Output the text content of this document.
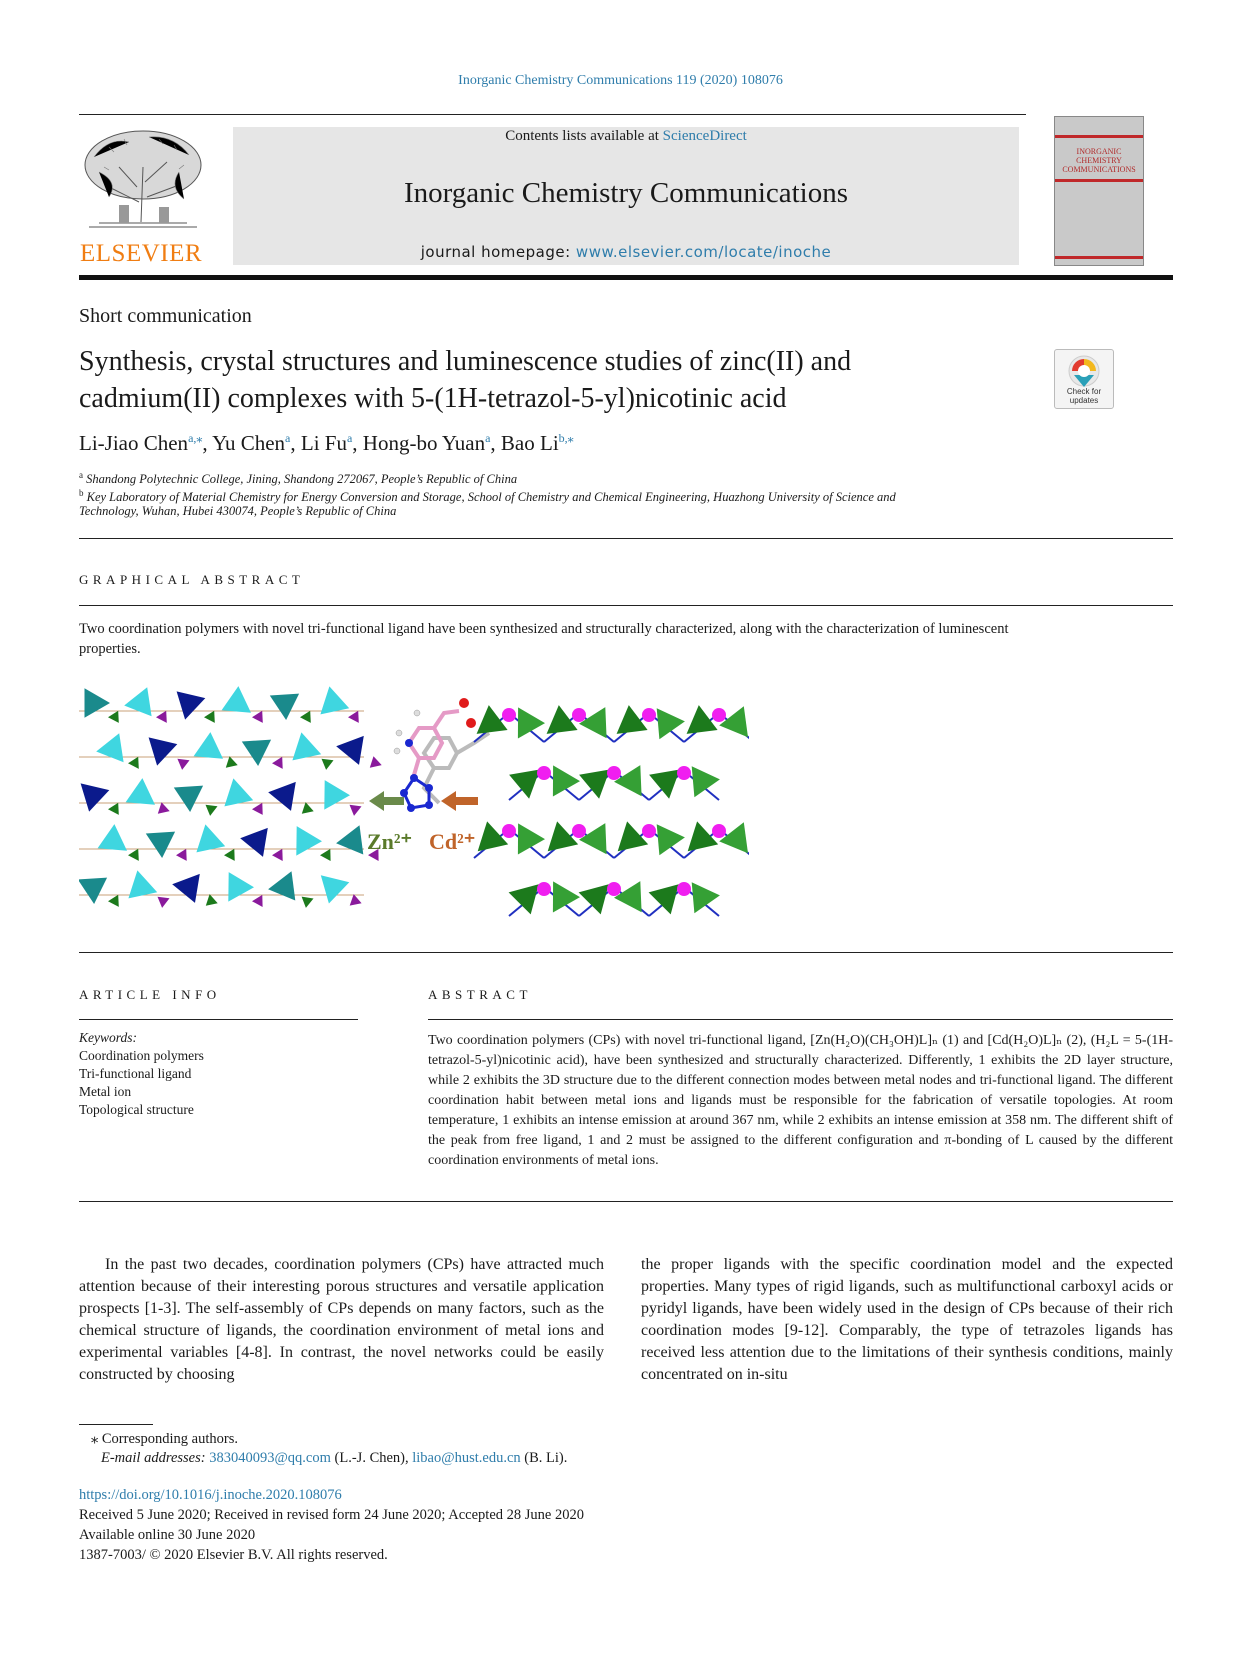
Inorganic Chemistry Communications 119 (2020) 108076
ELSEVIER
Contents lists available at ScienceDirect
Inorganic Chemistry Communications
journal homepage: www.elsevier.com/locate/inoche
INORGANIC CHEMISTRY COMMUNICATIONS
Short communication
Synthesis, crystal structures and luminescence studies of zinc(II) and
cadmium(II) complexes with 5-(1H-tetrazol-5-yl)nicotinic acid	Check for updates
Li-Jiao Chen$^{a,⁎}$, Yu Chen$^a$, Li Fu$^a$, Hong-bo Yuan$^a$, Bao $Li^{b,⁎}$
$^a$ Shandong Polytechnic College, Jining, Shandong 272067, People’s Republic of China
$^b$ Key Laboratory of Material Chemistry for Energy Conversion and Storage, School of Chemistry and Chemical Engineering, Huazhong University of Science and
Technology, Wuhan, Hubei 430074, People’s Republic of China
GRAPHICAL ABSTRACT
Two coordination polymers with novel tri-functional ligand have been synthesized and structurally characterized, along with the characterization of luminescent
properties.
Zn²⁺ Cd²⁺
ARTICLE INFO
Keywords:
Coordination polymers
Tri-functional ligand
Metal ion
Topological structure
ABSTRACT
Two coordination polymers (CPs) with novel tri-functional ligand, [Zn(H₂O)(CH₃OH)L]ₙ (1) and [Cd(H₂O)L]ₙ (2), (H₂L = 5-(1H-tetrazol-5-yl)nicotinic acid), have been synthesized and structurally characterized. Differently, 1 exhibits the 2D layer structure, while 2 exhibits the 3D structure due to the different connection modes between metal nodes and tri-functional ligand. The different coordination habit between metal ions and ligands must be responsible for the fabrication of versatile topologies. At room temperature, 1 exhibits an intense emission at around 367 nm, while 2 exhibits an intense emission at 358 nm. The different shift of the peak from free ligand, 1 and 2 must be assigned to the different configuration and π-bonding of L caused by the different coordination environments of metal ions.
In the past two decades, coordination polymers (CPs) have attracted much attention because of their interesting porous structures and versatile application prospects [1-3]. The self-assembly of CPs depends on many factors, such as the chemical structure of ligands, the coordination environment of metal ions and experimental variables [4-8]. In contrast, the novel networks could be easily constructed by choosing
the proper ligands with the specific coordination model and the expected properties. Many types of rigid ligands, such as multifunctional carboxyl acids or pyridyl ligands, have been widely used in the design of CPs because of their rich coordination modes [9-12]. Comparably, the type of tetrazoles ligands has received less attention due to the limitations of their synthesis conditions, mainly concentrated on in-situ
⁎ Corresponding authors.
E-mail addresses: 383040093@qq.com (L.-J. Chen), libao@hust.edu.cn (B. Li).
https://doi.org/10.1016/j.inoche.2020.108076
Received 5 June 2020; Received in revised form 24 June 2020; Accepted 28 June 2020
Available online 30 June 2020
1387-7003/ © 2020 Elsevier B.V. All rights reserved.
